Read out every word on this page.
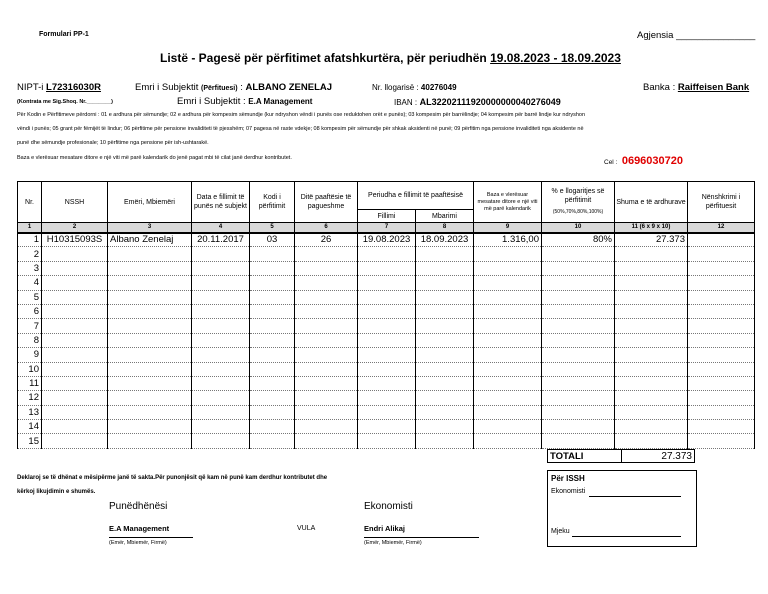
Formulari PP-1	Agjensia _______________
Listë - Pagesë për përfitimet afatshkurtëra, për periudhën 19.08.2023 - 18.09.2023
NIPT-i L72316030R	Emri i Subjektit (Përfituesi) : ALBANO ZENELAJ	Nr. llogarisë : 40276049	Banka : Raiffeisen Bank
(Kontrata me Sig.Shoq. Nr.________)	Emri i Subjektit : E.A Management	IBAN : AL32202111920000000040276049
Për Kodin e Përfitimeve përdorni : 01 e ardhura për sëmundje; 02 e ardhura për kompesim sëmundje (kur ndryshon vëndi i punës ose reduktohen orët e punës); 03 kompesim për barrëlindje; 04 kompesim për barrë lindje kur ndryshon
vëndi i punës; 05 grant për fëmijët të lindur; 06 përfitime për pensione invaliditeti të pjesshëm; 07 pagesa në raste vdekje; 08 kompesim për sëmundje për shkak aksidenti në punë; 09 përfitim nga pensione invaliditeti nga aksidente në
punë dhe sëmundje profesionale; 10 përfitime nga pensione për ish-ushtarakë.
Baza e vlerësuar mesatare ditore e një viti më parë kalendarik do jenë pagat mbi të cilat janë derdhur kontributet.
Cel : 0696030720
Nr.	NSSH	Emëri, Mbiemëri	Data e fillimit të punës në subjekt	Kodi i përfitimit	Ditë paaftësie të pagueshme	Periudha e fillimit të paaftësisë		Baza e vlerësuar mesatare ditore e një viti më parë kalendarik	% e llogaritjes së përfitimit
(50%,70%,80%,100%)	Shuma e të ardhurave	Nënshkrimi i përfituesit
						Fillimi	Mbarimi				
1	2	3	4	5	6	7	8	9	10	11 (6 x 9 x 10)	12
1	H10315093S	Albano Zenelaj	20.11.2017	03	26	19.08.2023	18.09.2023	1.316,00	80%	27.373	
2											
3											
4											
5											
6											
7											
8											
9											
10											
11											
12											
13											
14											
15											
TOTALI	27.373
Deklaroj se të dhënat e mësipërme janë të sakta.Për punonjësit që kam në punë kam derdhur kontributet dhe
kërkoj likujdimin e shumës.
Punëdhënësi
E.A Management
(Emër, Mbiemër, Firmë)
VULA
Ekonomisti
Endri Alikaj
(Emër, Mbiemër, Firmë)
Për ISSH
Ekonomisti
Mjeku
